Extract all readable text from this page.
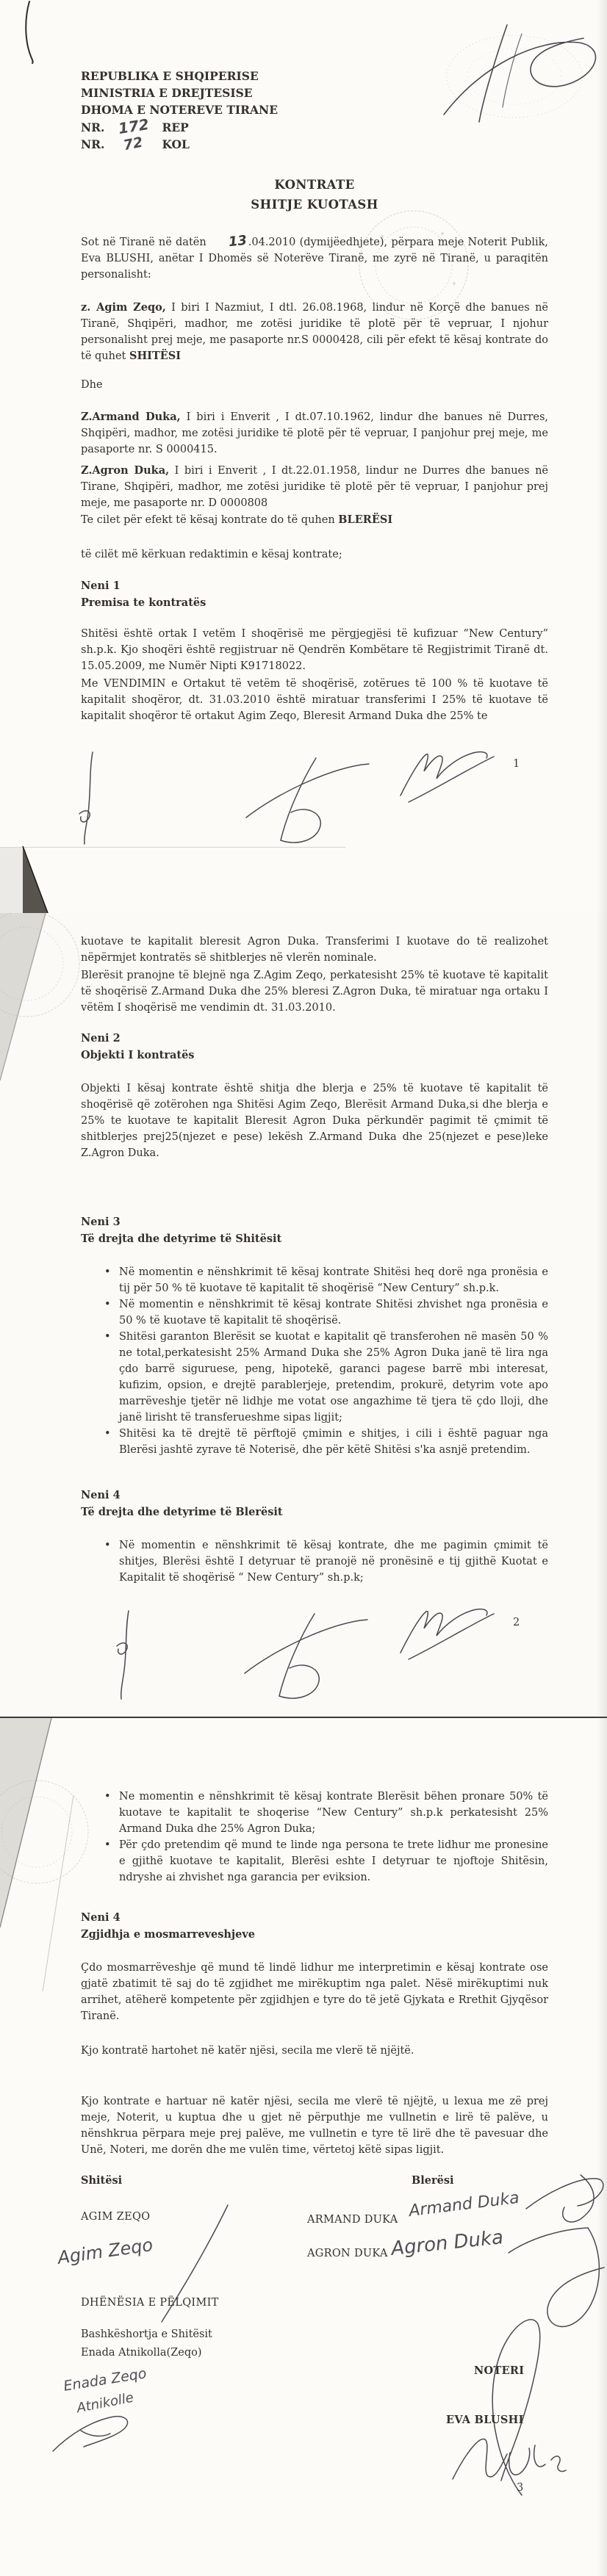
REPUBLIKA E SHQIPERISE
MINISTRIA E DREJTESISE
DHOMA E NOTEREVE TIRANE
NR. 172	REP
NR.	72	KOL
KONTRATE
SHITJE KUOTASH
Sot në Tiranë në datën 13.04.2010 (dymijëedhjete), përpara meje Noterit Publik, Eva BLUSHI, anëtar I Dhomës së Noterëve Tiranë, me zyrë në Tiranë, u paraqitën personalisht:
z. Agim Zeqo, I biri I Nazmiut, I dtl. 26.08.1968, lindur në Korçë dhe banues në Tiranë, Shqipëri, madhor, me zotësi juridike të plotë për të vepruar, I njohur personalisht prej meje, me pasaporte nr.S 0000428, cili për efekt të kësaj kontrate do të quhet SHITËSI
Dhe
Z.Armand Duka, I biri i Enverit , I dt.07.10.1962, lindur dhe banues në Durres, Shqipëri, madhor, me zotësi juridike të plotë për të vepruar, I panjohur prej meje, me pasaporte nr. S 0000415.
Z.Agron Duka, I biri i Enverit , I dt.22.01.1958, lindur ne Durres dhe banues në Tirane, Shqipëri, madhor, me zotësi juridike të plotë për të vepruar, I panjohur prej meje, me pasaporte nr. D 0000808
Te cilet për efekt të kësaj kontrate do të quhen BLERËSI
të cilët më kërkuan redaktimin e kësaj kontrate;
Neni 1
Premisa te kontratës
Shitësi është ortak I vetëm I shoqërisë me përgjegjësi të kufizuar “New Century” sh.p.k. Kjo shoqëri është regjistruar në Qendrën Kombëtare të Regjistrimit Tiranë dt. 15.05.2009, me Numër Nipti K91718022.
Me VENDIMIN e Ortakut të vetëm të shoqërisë, zotërues të 100 % të kuotave të kapitalit shoqëror, dt. 31.03.2010 është miratuar transferimi I 25% të kuotave të kapitalit shoqëror të ortakut Agim Zeqo, Bleresit Armand Duka dhe 25% te
1
kuotave te kapitalit bleresit Agron Duka. Transferimi I kuotave do të realizohet nëpërmjet kontratës së shitblerjes në vlerën nominale.
Blerësit pranojne të blejnë nga Z.Agim Zeqo, perkatesisht 25% të kuotave të kapitalit të shoqërisë Z.Armand Duka dhe 25% bleresi Z.Agron Duka, të miratuar nga ortaku I vëtëm I shoqërisë me vendimin dt. 31.03.2010.
Neni 2
Objekti I kontratës
Objekti I kësaj kontrate është shitja dhe blerja e 25% të kuotave të kapitalit të shoqërisë që zotërohen nga Shitësi Agim Zeqo, Blerësit Armand Duka,si dhe blerja e 25% te kuotave te kapitalit Bleresit Agron Duka përkundër pagimit të çmimit të shitblerjes prej25(njezet e pese) lekësh Z.Armand Duka dhe 25(njezet e pese)leke Z.Agron Duka.
Neni 3
Të drejta dhe detyrime të Shitësit
• Në momentin e nënshkrimit të kësaj kontrate Shitësi heq dorë nga pronësia e tij për 50 % të kuotave të kapitalit të shoqërisë “New Century” sh.p.k.
• Në momentin e nënshkrimit të kësaj kontrate Shitësi zhvishet nga pronësia e 50 % të kuotave të kapitalit të shoqërisë.
• Shitësi garanton Blerësit se kuotat e kapitalit që transferohen në masën 50 % ne total,perkatesisht 25% Armand Duka she 25% Agron Duka janë të lira nga çdo barrë siguruese, peng, hipotekë, garanci pagese barrë mbi interesat, kufizim, opsion, e drejtë parablerjeje, pretendim, prokurë, detyrim vote apo marrëveshje tjetër në lidhje me votat ose angazhime të tjera të çdo lloji, dhe janë lirisht të transferueshme sipas ligjit;
• Shitësi ka të drejtë të përftojë çmimin e shitjes, i cili i është paguar nga Blerësi jashtë zyrave të Noterisë, dhe për këtë Shitësi s'ka asnjë pretendim.
Neni 4
Të drejta dhe detyrime të Blerësit
• Në momentin e nënshkrimit të kësaj kontrate, dhe me pagimin çmimit të shitjes, Blerësi është I detyruar të pranojë në pronësinë e tij gjithë Kuotat e Kapitalit të shoqërisë “ New Century” sh.p.k;
2
• Ne momentin e nënshkrimit të kësaj kontrate Blerësit bëhen pronare 50% të kuotave te kapitalit te shoqerise “New Century” sh.p.k perkatesisht 25% Armand Duka dhe 25% Agron Duka;
• Për çdo pretendim që mund te linde nga persona te trete lidhur me pronesine e gjithë kuotave te kapitalit, Blerësi eshte I detyruar te njoftoje Shitësin, ndryshe ai zhvishet nga garancia per eviksion.
Neni 4
Zgjidhja e mosmarreveshjeve
Çdo mosmarrëveshje që mund të lindë lidhur me interpretimin e kësaj kontrate ose gjatë zbatimit të saj do të zgjidhet me mirëkuptim nga palet. Nësë mirëkuptimi nuk arrihet, atëherë kompetente për zgjidhjen e tyre do të jetë Gjykata e Rrethit Gjyqësor Tiranë.
Kjo kontratë hartohet në katër njësi, secila me vlerë të njëjtë.
Kjo kontrate e hartuar në katër njësi, secila me vlerë të njëjtë, u lexua me zë prej meje, Noterit, u kuptua dhe u gjet në përputhje me vullnetin e lirë të palëve, u nënshkrua përpara meje prej palëve, me vullnetin e tyre të lirë dhe të pavesuar dhe Unë, Noteri, me dorën dhe me vulën time, vërtetoj këtë sipas ligjit.
Shitësi	Blerësi
AGIM ZEQO
Agim Zeqo
ARMAND DUKA Armand Duka
AGRON DUKA Agron Duka
DHËNËSIA E PËLQIMIT
Bashkëshortja e Shitësit
Enada Atnikolla(Zeqo)
Enada Zeqo
Atnikolle
NOTERI
EVA BLUSHI
3
